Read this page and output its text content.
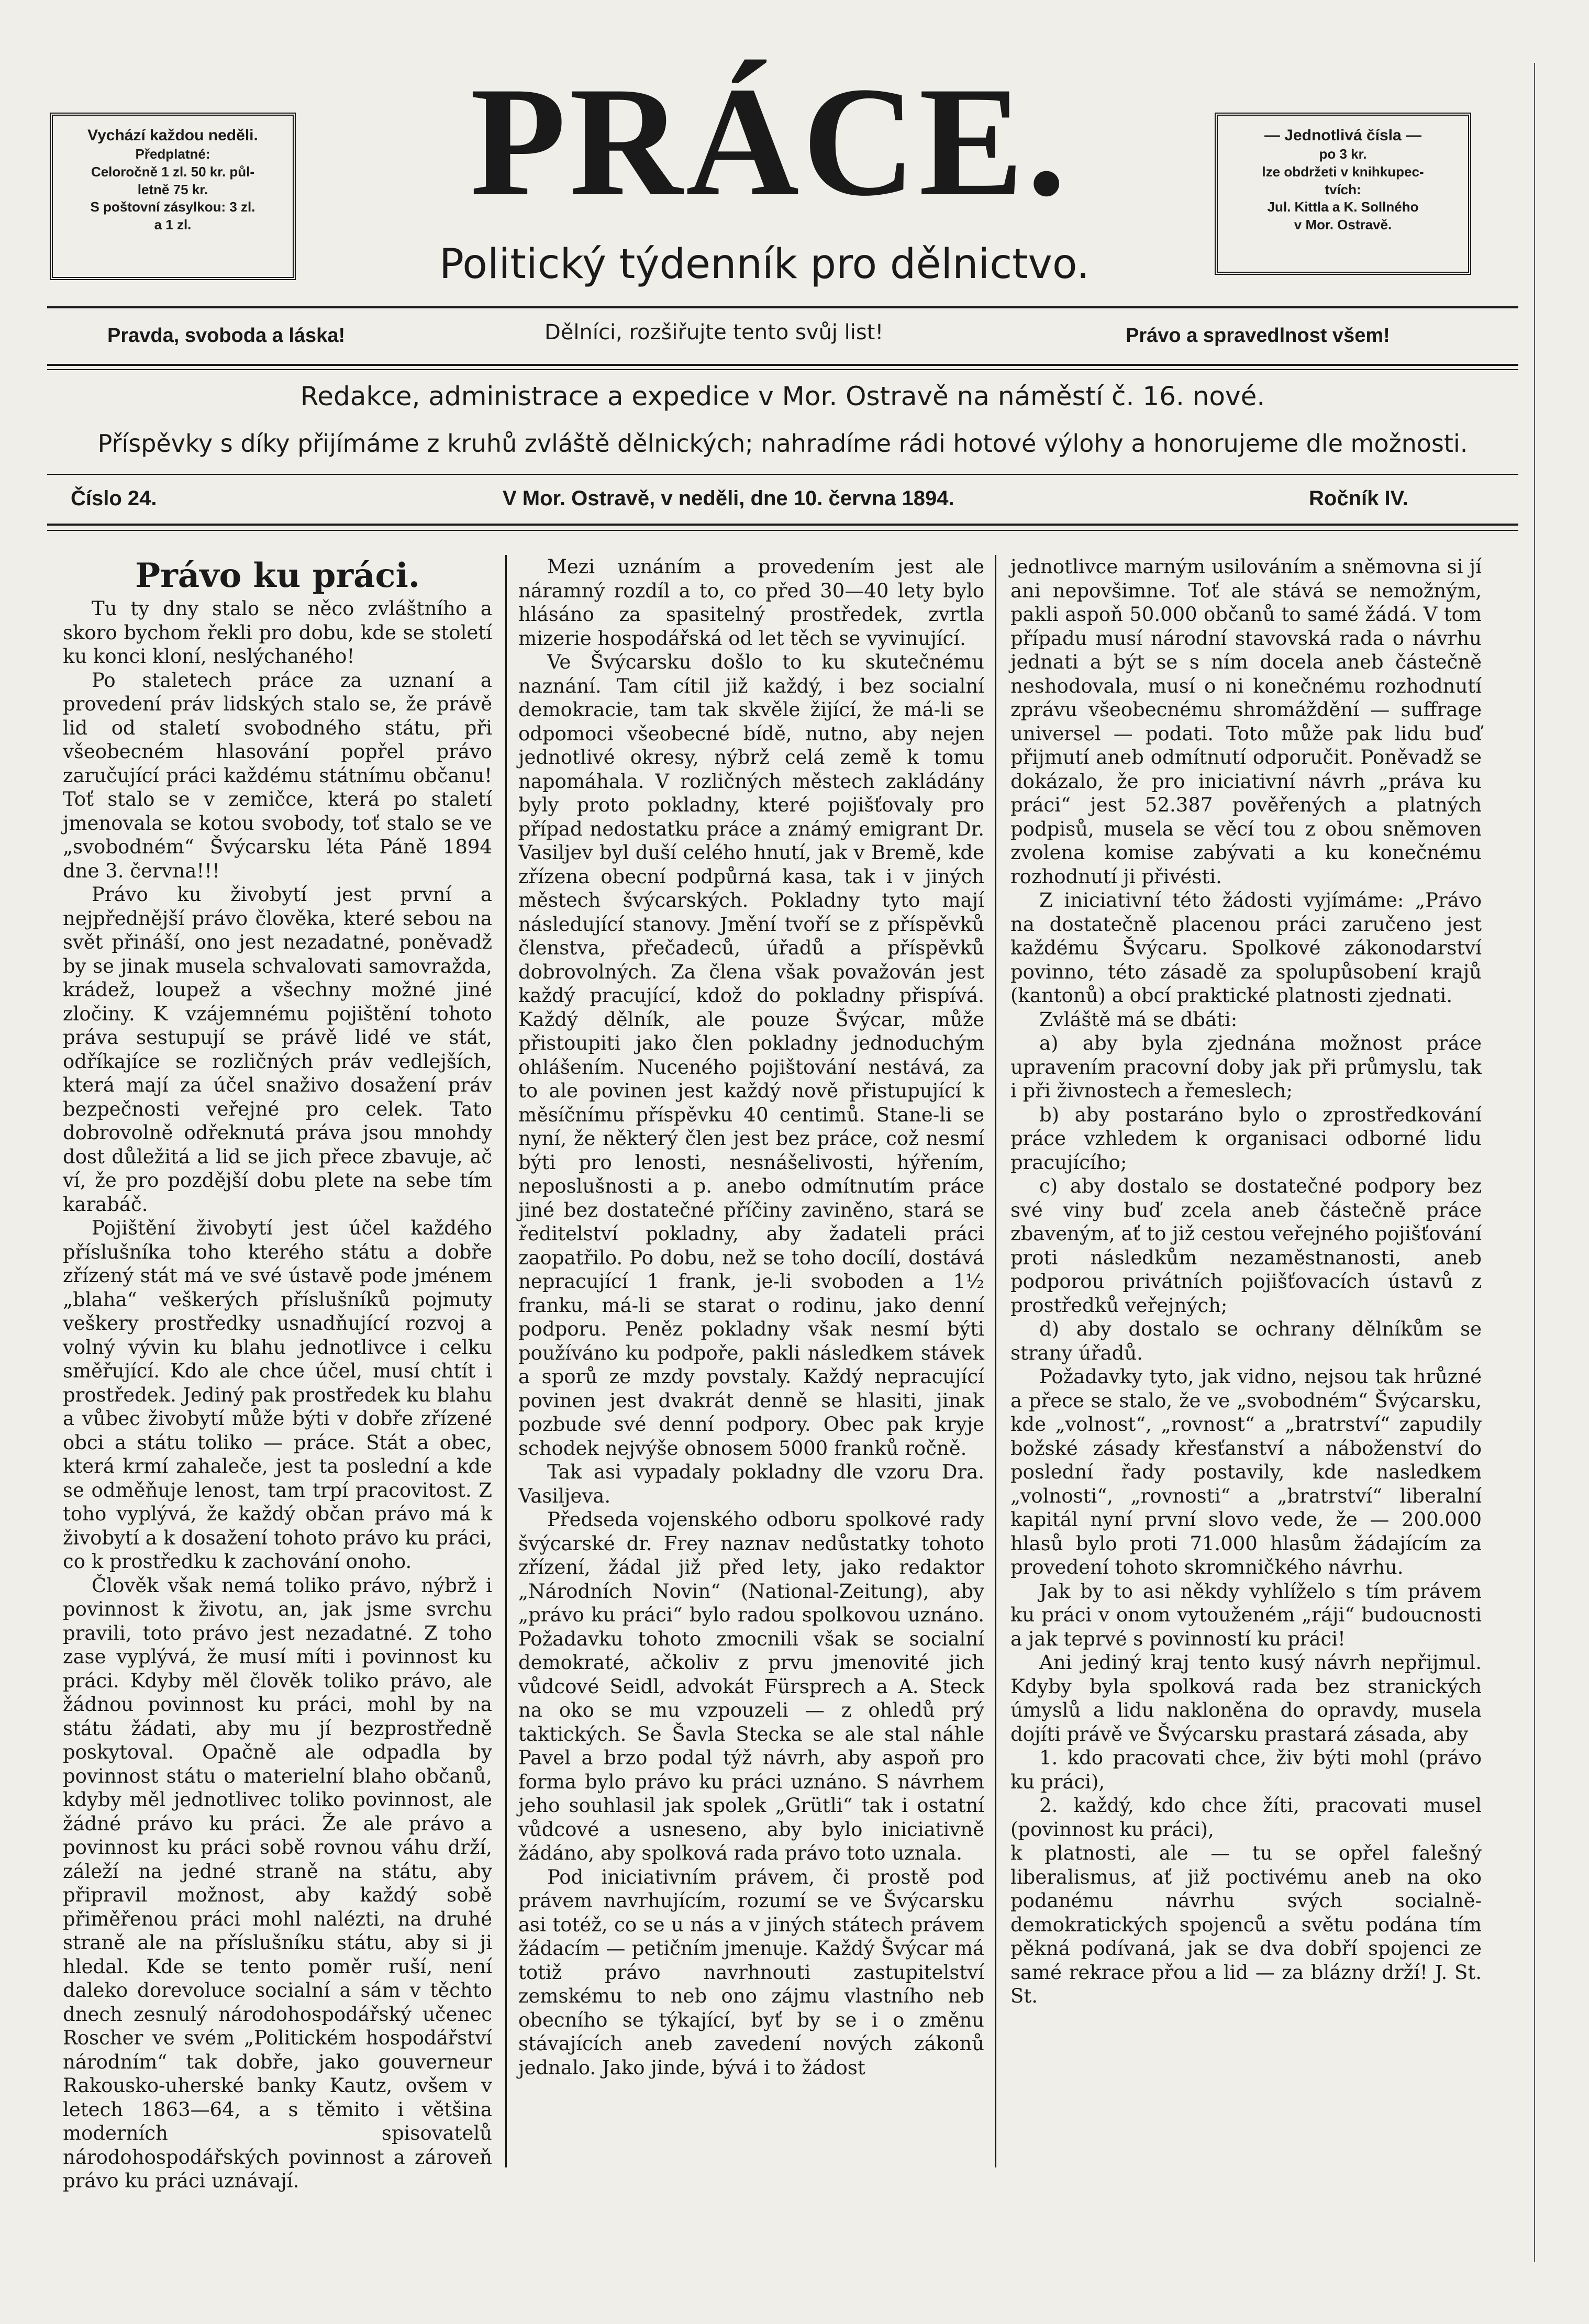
Vychází každou neděli.

Předplatné:

Celoročně 1 zl. 50 kr. půl-

letně 75 kr.

S poštovní zásylkou: 3 zl.

a 1 zl.	PRÁCE.
Politický týdenník pro dělnictvo.

— Jednotlivá čísla —

po 3 kr.

lze obdržeti v knihkupec-

tvích:

Jul. Kittla a K. Sollného

v Mor. Ostravě.

Pravda, svoboda a láska!	Dělníci, rozšiřujte tento svůj list!	Právo a spravedlnost všem!
Redakce, administrace a expedice v Mor. Ostravě na náměstí č. 16. nové.
Příspěvky s díky přijímáme z kruhů zvláště dělnických; nahradíme rádi hotové výlohy a honorujeme dle možnosti.
Číslo 24.	V Mor. Ostravě, v neděli, dne 10. června 1894.	Ročník IV.

Právo ku práci.

Tu ty dny stalo se něco zvláštního a skoro bychom řekli pro dobu, kde se století ku konci kloní, neslýchaného!

Po staletech práce za uznaní a provedení práv lidských stalo se, že právě lid od staletí svobodného státu, při všeobecném hlasování popřel právo zaručující práci každému státnímu občanu! Toť stalo se v zemičce, která po staletí jmenovala se kotou svobody, toť stalo se ve „svobodném“ Švýcarsku léta Páně 1894 dne 3. června!!!

Právo ku živobytí jest první a nejpřednější právo člověka, které sebou na svět přináší, ono jest nezadatné, poněvadž by se jinak musela schvalovati samovražda, krádež, loupež a všechny možné jiné zločiny. K vzájemnému pojištění tohoto práva sestupují se právě lidé ve stát, odříkajíce se rozličných práv vedlejších, která mají za účel snaživo dosažení práv bezpečnosti veřejné pro celek. Tato dobrovolně odřeknutá práva jsou mnohdy dost důležitá a lid se jich přece zbavuje, ač ví, že pro pozdější dobu plete na sebe tím karabáč.

Pojištění živobytí jest účel každého příslušníka toho kterého státu a dobře zřízený stát má ve své ústavě pode jménem „blaha“ veškerých příslušníků pojmuty veškery prostředky usnadňující rozvoj a volný vývin ku blahu jednotlivce i celku směřující. Kdo ale chce účel, musí chtít i prostředek. Jediný pak prostředek ku blahu a vůbec živobytí může býti v dobře zřízené obci a státu toliko — práce. Stát a obec, která krmí zahaleče, jest ta poslední a kde se odměňuje lenost, tam trpí pracovitost. Z toho vyplývá, že každý občan právo má k živobytí a k dosažení tohoto právo ku práci, co k prostředku k zachování onoho.

Člověk však nemá toliko právo, nýbrž i povinnost k životu, an, jak jsme svrchu pravili, toto právo jest nezadatné. Z toho zase vyplývá, že musí míti i povinnost ku práci. Kdyby měl člověk toliko právo, ale žádnou povinnost ku práci, mohl by na státu žádati, aby mu jí bezprostředně poskytoval. Opačně ale odpadla by povinnost státu o materielní blaho občanů, kdyby měl jednotlivec toliko povinnost, ale žádné právo ku práci. Že ale právo a povinnost ku práci sobě rovnou váhu drží, záleží na jedné straně na státu, aby připravil možnost, aby každý sobě přiměřenou práci mohl nalézti, na druhé straně ale na příslušníku státu, aby si ji hledal. Kde se tento poměr ruší, není daleko dorevoluce socialní a sám v těchto dnech zesnulý národohospodářský učenec Roscher ve svém „Politickém hospodářství národním“ tak dobře, jako gouverneur Rakousko-uherské banky Kautz, ovšem v letech 1863—64, a s těmito i většina moderních spisovatelů národohospodářských povinnost a zároveň právo ku práci uznávají.

Mezi uznáním a provedením jest ale náramný rozdíl a to, co před 30—40 lety bylo hlásáno za spasitelný prostředek, zvrtla mizerie hospodářská od let těch se vyvinující.

Ve Švýcarsku došlo to ku skutečnému naznání. Tam cítil již každý, i bez socialní demokracie, tam tak skvěle žijící, že má-li se odpomoci všeobecné bídě, nutno, aby nejen jednotlivé okresy, nýbrž celá země k tomu napomáhala. V rozličných městech zakládány byly proto pokladny, které pojišťovaly pro případ nedostatku práce a známý emigrant Dr. Vasiljev byl duší celého hnutí, jak v Bremě, kde zřízena obecní podpůrná kasa, tak i v jiných městech švýcarských. Pokladny tyto mají následující stanovy. Jmění tvoří se z příspěvků členstva, přečadeců, úřadů a příspěvků dobrovolných. Za člena však považován jest každý pracující, kdož do pokladny přispívá. Každý dělník, ale pouze Švýcar, může přistoupiti jako člen pokladny jednoduchým ohlášením. Nuceného pojištování nestává, za to ale povinen jest každý nově přistupující k měsíčnímu příspěvku 40 centimů. Stane-li se nyní, že některý člen jest bez práce, což nesmí býti pro lenosti, nesnášelivosti, hýřením, neposlušnosti a p. anebo odmítnutím práce jiné bez dostatečné příčiny zaviněno, stará se ředitelství pokladny, aby žadateli práci zaopatřilo. Po dobu, než se toho docílí, dostává nepracující 1 frank, je-li svoboden a 1½ franku, má-li se starat o rodinu, jako denní podporu. Peněz pokladny však nesmí býti používáno ku podpoře, pakli následkem stávek a sporů ze mzdy povstaly. Každý nepracující povinen jest dvakrát denně se hlasiti, jinak pozbude své denní podpory. Obec pak kryje schodek nejvýše obnosem 5000 franků ročně.

Tak asi vypadaly pokladny dle vzoru Dra. Vasiljeva.

Předseda vojenského odboru spolkové rady švýcarské dr. Frey naznav nedůstatky tohoto zřízení, žádal již před lety, jako redaktor „Národních Novin“ (National-Zeitung), aby „právo ku práci“ bylo radou spolkovou uznáno. Požadavku tohoto zmocnili však se socialní demokraté, ačkoliv z prvu jmenovité jich vůdcové Seidl, advokát Fürsprech a A. Steck na oko se mu vzpouzeli — z ohledů prý taktických. Se Šavla Stecka se ale stal náhle Pavel a brzo podal týž návrh, aby aspoň pro forma bylo právo ku práci uznáno. S návrhem jeho souhlasil jak spolek „Grütli“ tak i ostatní vůdcové a usneseno, aby bylo iniciativně žádáno, aby spolková rada právo toto uznala.

Pod iniciativním právem, či prostě pod právem navrhujícím, rozumí se ve Švýcarsku asi totéž, co se u nás a v jiných státech právem žádacím — petičním jmenuje. Každý Švýcar má totiž právo navrhnouti zastupitelství zemskému to neb ono zájmu vlastního neb obecního se týkající, byť by se i o změnu stávajících aneb zavedení nových zákonů jednalo. Jako jinde, bývá i to žádost

jednotlivce marným usilováním a sněmovna si jí ani nepovšimne. Toť ale stává se nemožným, pakli aspoň 50.000 občanů to samé žádá. V tom případu musí národní stavovská rada o návrhu jednati a být se s ním docela aneb částečně neshodovala, musí o ni konečnému rozhodnutí zprávu všeobecnému shromáždění — suffrage universel — podati. Toto může pak lidu buď přijmutí aneb odmítnutí odporučit. Poněvadž se dokázalo, že pro iniciativní návrh „práva ku práci“ jest 52.387 pověřených a platných podpisů, musela se věcí tou z obou sněmoven zvolena komise zabývati a ku konečnému rozhodnutí ji přivésti.

Z iniciativní této žádosti vyjímáme: „Právo na dostatečně placenou práci zaručeno jest každému Švýcaru. Spolkové zákonodarství povinno, této zásadě za spolupůsobení krajů (kantonů) a obcí praktické platnosti zjednati.

Zvláště má se dbáti:

a) aby byla zjednána možnost práce upravením pracovní doby jak při průmyslu, tak i při živnostech a řemeslech;

b) aby postaráno bylo o zprostředkování práce vzhledem k organisaci odborné lidu pracujícího;

c) aby dostalo se dostatečné podpory bez své viny buď zcela aneb částečně práce zbaveným, ať to již cestou veřejného pojišťování proti následkům nezaměstnanosti, aneb podporou privátních pojišťovacích ústavů z prostředků veřejných;

d) aby dostalo se ochrany dělníkům se strany úřadů.

Požadavky tyto, jak vidno, nejsou tak hrůzné a přece se stalo, že ve „svobodném“ Švýcarsku, kde „volnost“, „rovnost“ a „bratrství“ zapudily božské zásady křesťanství a náboženství do poslední řady postavily, kde nasledkem „volnosti“, „rovnosti“ a „bratrství“ liberalní kapitál nyní první slovo vede, že — 200.000 hlasů bylo proti 71.000 hlasům žádajícím za provedení tohoto skromničkého návrhu.

Jak by to asi někdy vyhlíželo s tím právem ku práci v onom vytouženém „ráji“ budoucnosti a jak teprvé s povinností ku práci!

Ani jediný kraj tento kusý návrh nepřijmul. Kdyby byla spolková rada bez stranických úmyslů a lidu nakloněna do opravdy, musela dojíti právě ve Švýcarsku prastará zásada, aby

1. kdo pracovati chce, živ býti mohl (právo ku práci),

2. každý, kdo chce žíti, pracovati musel (povinnost ku práci),

k platnosti, ale — tu se opřel falešný liberalismus, ať již poctivému aneb na oko podanému návrhu svých socialně-demokratických spojenců a světu podána tím pěkná podívaná, jak se dva dobří spojenci ze samé rekrace přou a lid — za blázny drží! J. St. St.
